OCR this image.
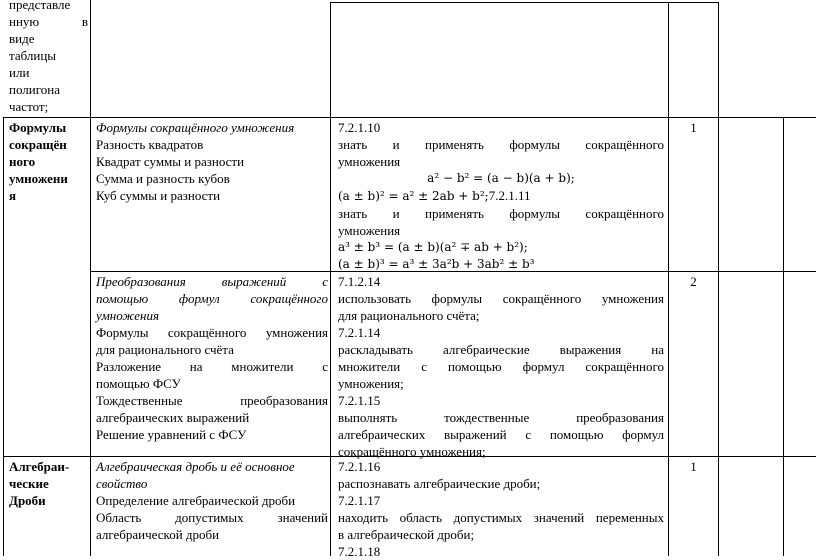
представле
нную в
виде
таблицы
или
полигона
частот;
Формулы
сокращён
ного
умножени
я
Формулы сокращённого умножения
Разность квадратов
Квадрат суммы и разности
Сумма и разность кубов
Куб суммы и разности
7.2.1.10
знать и применять формулы сокращённого
умножения
a² − b² = (a − b)(a + b);
(a ± b)² = a² ± 2ab + b²;7.2.1.11
знать и применять формулы сокращённого
умножения
a³ ± b³ = (a ± b)(a² ∓ ab + b²);
(a ± b)³ = a³ ± 3a²b + 3ab² ± b³
1
Преобразования выражений с
помощью формул сокращённого
умножения
Формулы сокращённого умножения
для рационального счёта
Разложение на множители с
помощью ФСУ
Тождественные преобразования
алгебраических выражений
Решение уравнений с ФСУ
7.1.2.14
использовать формулы сокращённого умножения
для рационального счёта;
7.2.1.14
раскладывать алгебраические выражения на
множители с помощью формул сокращённого
умножения;
7.2.1.15
выполнять тождественные преобразования
алгебраических выражений с помощью формул
сокращённого умножения;
2
Алгебраи-
ческие
Дроби
Алгебраическая дробь и её основное
свойство
Определение алгебраической дроби
Область допустимых значений
алгебраической дроби
7.2.1.16
распознавать алгебраические дроби;
7.2.1.17
находить область допустимых значений переменных
в алгебраической дроби;
7.2.1.18
1
